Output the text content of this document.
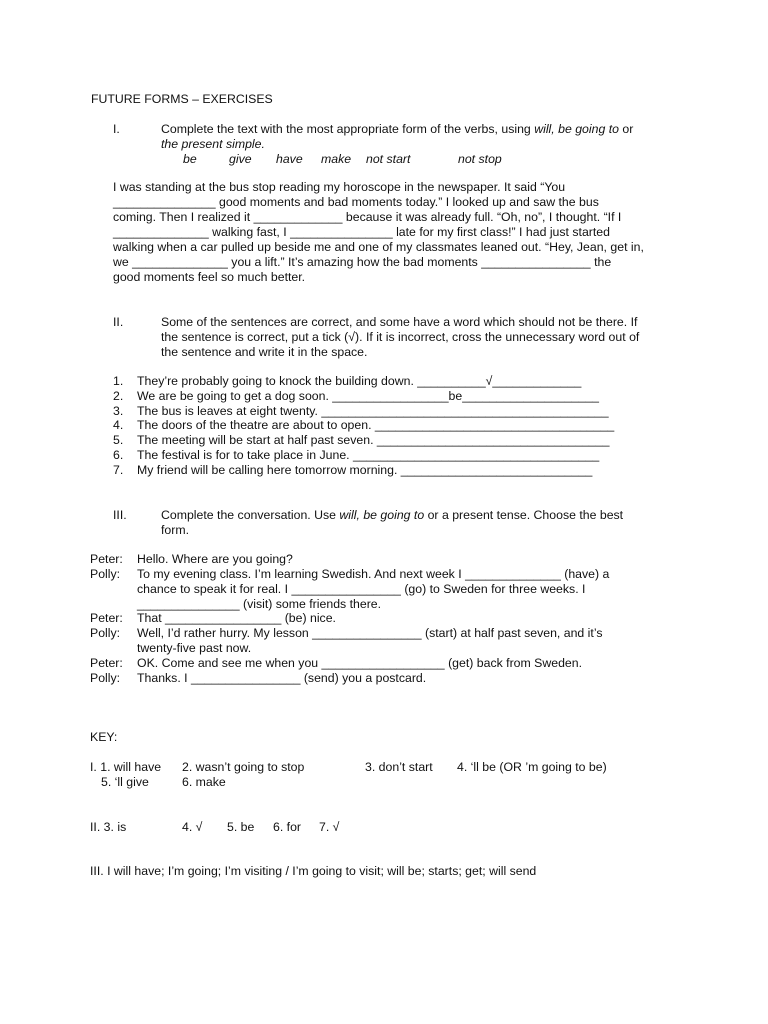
FUTURE FORMS – EXERCISES
I.	Complete the text with the most appropriate form of the verbs, using will, be going to or
the present simple.
be	give have make not start	not stop
I was standing at the bus stop reading my horoscope in the newspaper. It said “You
_______________ good moments and bad moments today.” I looked up and saw the bus
coming. Then I realized it _____________ because it was already full. “Oh, no”, I thought. “If I
______________ walking fast, I _______________ late for my first class!” I had just started
walking when a car pulled up beside me and one of my classmates leaned out. “Hey, Jean, get in,
we ______________ you a lift.” It’s amazing how the bad moments ________________ the
good moments feel so much better.
II.	Some of the sentences are correct, and some have a word which should not be there. If
the sentence is correct, put a tick (√). If it is incorrect, cross the unnecessary word out of
the sentence and write it in the space.
1. They’re probably going to knock the building down. __________√_____________
2. We are be going to get a dog soon. _________________be____________________
3. The bus is leaves at eight twenty. __________________________________________
4. The doors of the theatre are about to open. ___________________________________
5. The meeting will be start at half past seven. __________________________________
6. The festival is for to take place in June. ____________________________________
7. My friend will be calling here tomorrow morning. ____________________________
III.	Complete the conversation. Use will, be going to or a present tense. Choose the best
form.
Peter: Hello. Where are you going?
Polly: To my evening class. I’m learning Swedish. And next week I ______________ (have) a
chance to speak it for real. I ________________ (go) to Sweden for three weeks. I
_______________ (visit) some friends there.
Peter: That _________________ (be) nice.
Polly: Well, I’d rather hurry. My lesson ________________ (start) at half past seven, and it’s
twenty-five past now.
Peter: OK. Come and see me when you __________________ (get) back from Sweden.
Polly: Thanks. I ________________ (send) you a postcard.
KEY:
I. 1. will have 2. wasn’t going to stop	3. don’t start 4. ‘ll be (OR ’m going to be)
5. ‘ll give	6. make
II. 3. is	4. √ 5. be 6. for 7. √
III. I will have; I’m going; I’m visiting / I’m going to visit; will be; starts; get; will send
